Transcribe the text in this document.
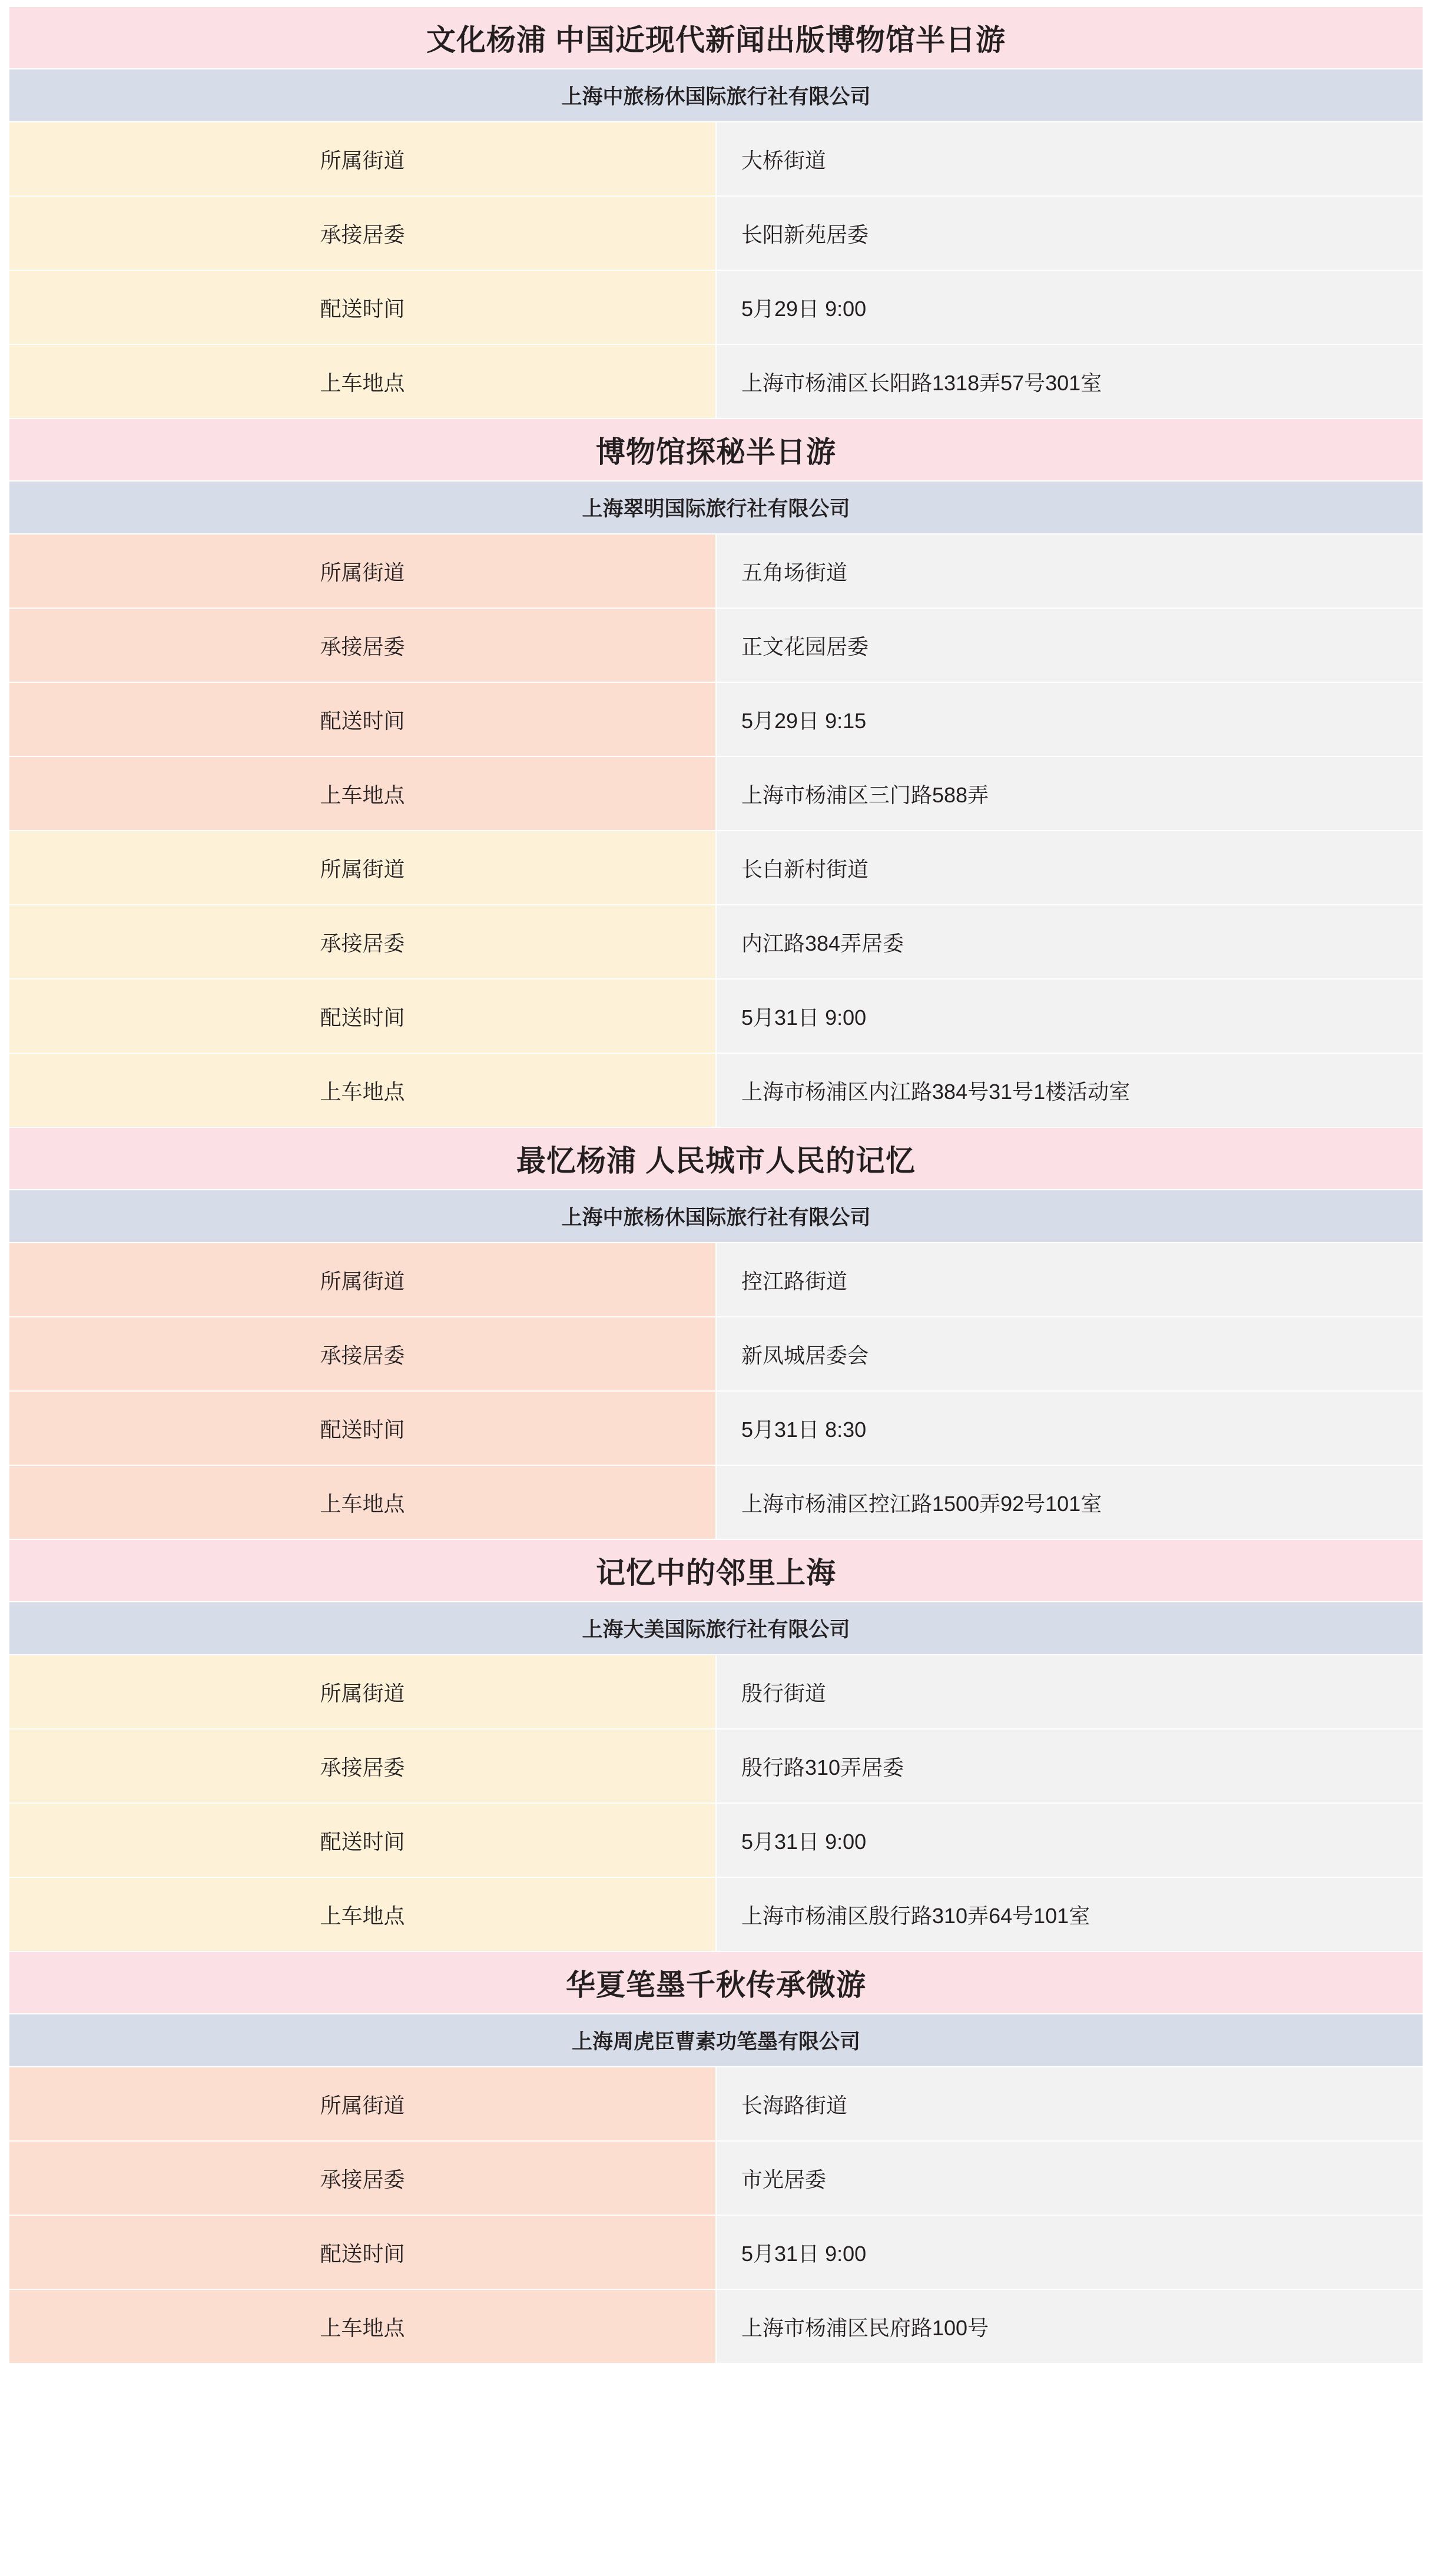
文化杨浦 中国近现代新闻出版博物馆半日游	
上海中旅杨休国际旅行社有限公司	
所属街道	大桥街道
承接居委	长阳新苑居委
配送时间	5月29日 9:00
上车地点	上海市杨浦区长阳路1318弄57号301室
博物馆探秘半日游	
上海翠明国际旅行社有限公司	
所属街道	五角场街道
承接居委	正文花园居委
配送时间	5月29日 9:15
上车地点	上海市杨浦区三门路588弄
所属街道	长白新村街道
承接居委	内江路384弄居委
配送时间	5月31日 9:00
上车地点	上海市杨浦区内江路384号31号1楼活动室
最忆杨浦 人民城市人民的记忆	
上海中旅杨休国际旅行社有限公司	
所属街道	控江路街道
承接居委	新凤城居委会
配送时间	5月31日 8:30
上车地点	上海市杨浦区控江路1500弄92号101室
记忆中的邻里上海	
上海大美国际旅行社有限公司	
所属街道	殷行街道
承接居委	殷行路310弄居委
配送时间	5月31日 9:00
上车地点	上海市杨浦区殷行路310弄64号101室
华夏笔墨千秋传承微游	
上海周虎臣曹素功笔墨有限公司	
所属街道	长海路街道
承接居委	市光居委
配送时间	5月31日 9:00
上车地点	上海市杨浦区民府路100号
